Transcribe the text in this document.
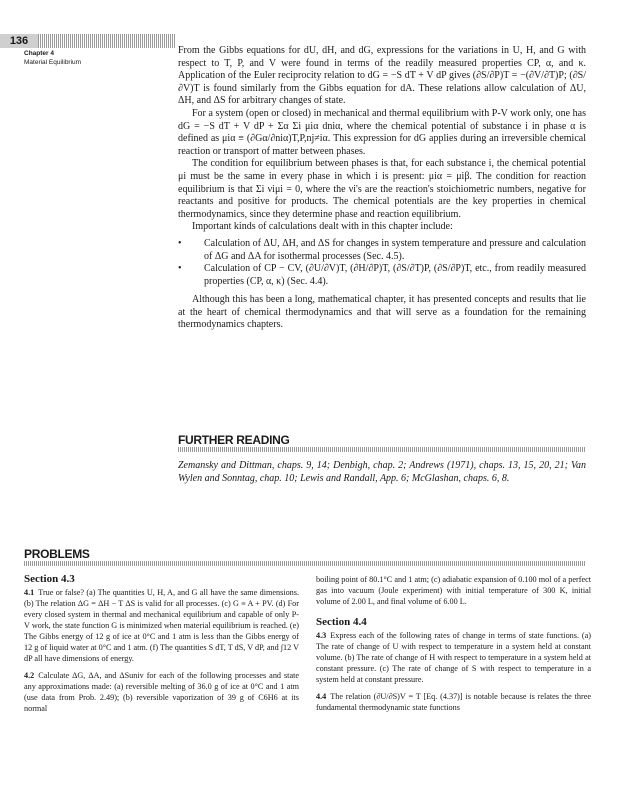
136
Chapter 4
Material Equilibrium

From the Gibbs equations for dU, dH, and dG, expressions for the variations in U, H, and G with respect to T, P, and V were found in terms of the readily measured properties CP, α, and κ. Application of the Euler reciprocity relation to dG = −S dT + V dP gives (∂S/∂P)T = −(∂V/∂T)P; (∂S/∂V)T is found similarly from the Gibbs equation for dA. These relations allow calculation of ΔU, ΔH, and ΔS for arbitrary changes of state.

For a system (open or closed) in mechanical and thermal equilibrium with P-V work only, one has dG = −S dT + V dP + Σα Σi μiα dniα, where the chemical potential of substance i in phase α is defined as μiα ≡ (∂Gα/∂niα)T,P,nj≠iα. This expression for dG applies during an irreversible chemical reaction or transport of matter between phases.

The condition for equilibrium between phases is that, for each substance i, the chemical potential μi must be the same in every phase in which i is present: μiα = μiβ. The condition for reaction equilibrium is that Σi νiμi = 0, where the νi's are the reaction's stoichiometric numbers, negative for reactants and positive for products. The chemical potentials are the key properties in chemical thermodynamics, since they determine phase and reaction equilibrium.

Important kinds of calculations dealt with in this chapter include:

• Calculation of ΔU, ΔH, and ΔS for changes in system temperature and pressure and calculation of ΔG and ΔA for isothermal processes (Sec. 4.5).
• Calculation of CP − CV, (∂U/∂V)T, (∂H/∂P)T, (∂S/∂T)P, (∂S/∂P)T, etc., from readily measured properties (CP, α, κ) (Sec. 4.4).

Although this has been a long, mathematical chapter, it has presented concepts and results that lie at the heart of chemical thermodynamics and that will serve as a foundation for the remaining thermodynamics chapters.

FURTHER READING
Zemansky and Dittman, chaps. 9, 14; Denbigh, chap. 2; Andrews (1971), chaps. 13, 15, 20, 21; Van Wylen and Sonntag, chap. 10; Lewis and Randall, App. 6; McGlashan, chaps. 6, 8.
PROBLEMS
Section 4.3

4.1 True or false? (a) The quantities U, H, A, and G all have the same dimensions. (b) The relation ΔG = ΔH − T ΔS is valid for all processes. (c) G ≡ A + PV. (d) For every closed system in thermal and mechanical equilibrium and capable of only P-V work, the state function G is minimized when material equilibrium is reached. (e) The Gibbs energy of 12 g of ice at 0°C and 1 atm is less than the Gibbs energy of 12 g of liquid water at 0°C and 1 atm. (f) The quantities S dT, T dS, V dP, and ∫12 V dP all have dimensions of energy.

4.2 Calculate ΔG, ΔA, and ΔSuniv for each of the following processes and state any approximations made: (a) reversible melting of 36.0 g of ice at 0°C and 1 atm (use data from Prob. 2.49); (b) reversible vaporization of 39 g of C6H6 at its normal

boiling point of 80.1°C and 1 atm; (c) adiabatic expansion of 0.100 mol of a perfect gas into vacuum (Joule experiment) with initial temperature of 300 K, initial volume of 2.00 L, and final volume of 6.00 L.

Section 4.4

4.3 Express each of the following rates of change in terms of state functions. (a) The rate of change of U with respect to temperature in a system held at constant volume. (b) The rate of change of H with respect to temperature in a system held at constant pressure. (c) The rate of change of S with respect to temperature in a system held at constant pressure.

4.4 The relation (∂U/∂S)V = T [Eq. (4.37)] is notable because is relates the three fundamental thermodynamic state functions
